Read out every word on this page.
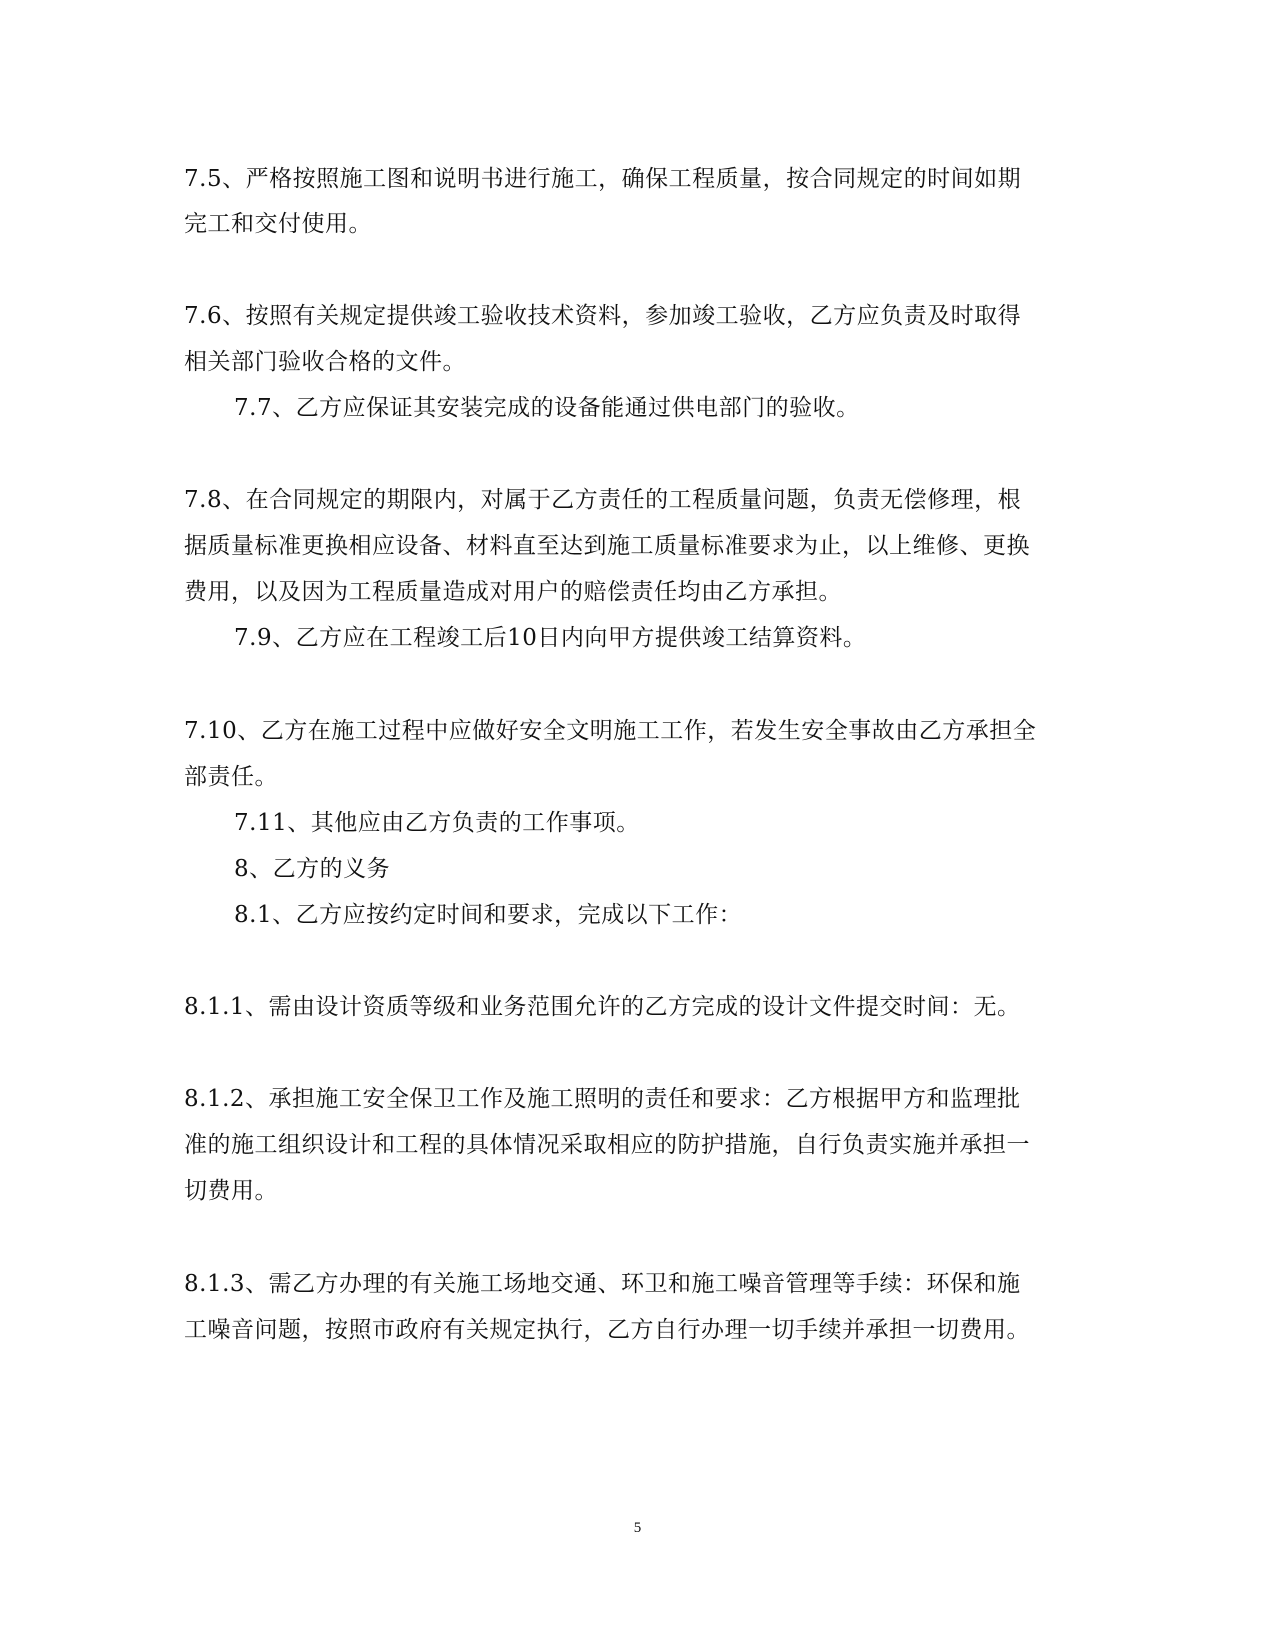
7.5、严格按照施工图和说明书进行施工，确保工程质量，按合同规定的时间如期
完工和交付使用。
7.6、按照有关规定提供竣工验收技术资料，参加竣工验收，乙方应负责及时取得
相关部门验收合格的文件。
7.7、乙方应保证其安装完成的设备能通过供电部门的验收。
7.8、在合同规定的期限内，对属于乙方责任的工程质量问题，负责无偿修理，根
据质量标准更换相应设备、材料直至达到施工质量标准要求为止，以上维修、更换
费用，以及因为工程质量造成对用户的赔偿责任均由乙方承担。
7.9、乙方应在工程竣工后10日内向甲方提供竣工结算资料。
7.10、乙方在施工过程中应做好安全文明施工工作，若发生安全事故由乙方承担全
部责任。
7.11、其他应由乙方负责的工作事项。
8、乙方的义务
8.1、乙方应按约定时间和要求，完成以下工作：
8.1.1、需由设计资质等级和业务范围允许的乙方完成的设计文件提交时间：无。
8.1.2、承担施工安全保卫工作及施工照明的责任和要求：乙方根据甲方和监理批
准的施工组织设计和工程的具体情况采取相应的防护措施，自行负责实施并承担一
切费用。
8.1.3、需乙方办理的有关施工场地交通、环卫和施工噪音管理等手续：环保和施
工噪音问题，按照市政府有关规定执行，乙方自行办理一切手续并承担一切费用。
5
